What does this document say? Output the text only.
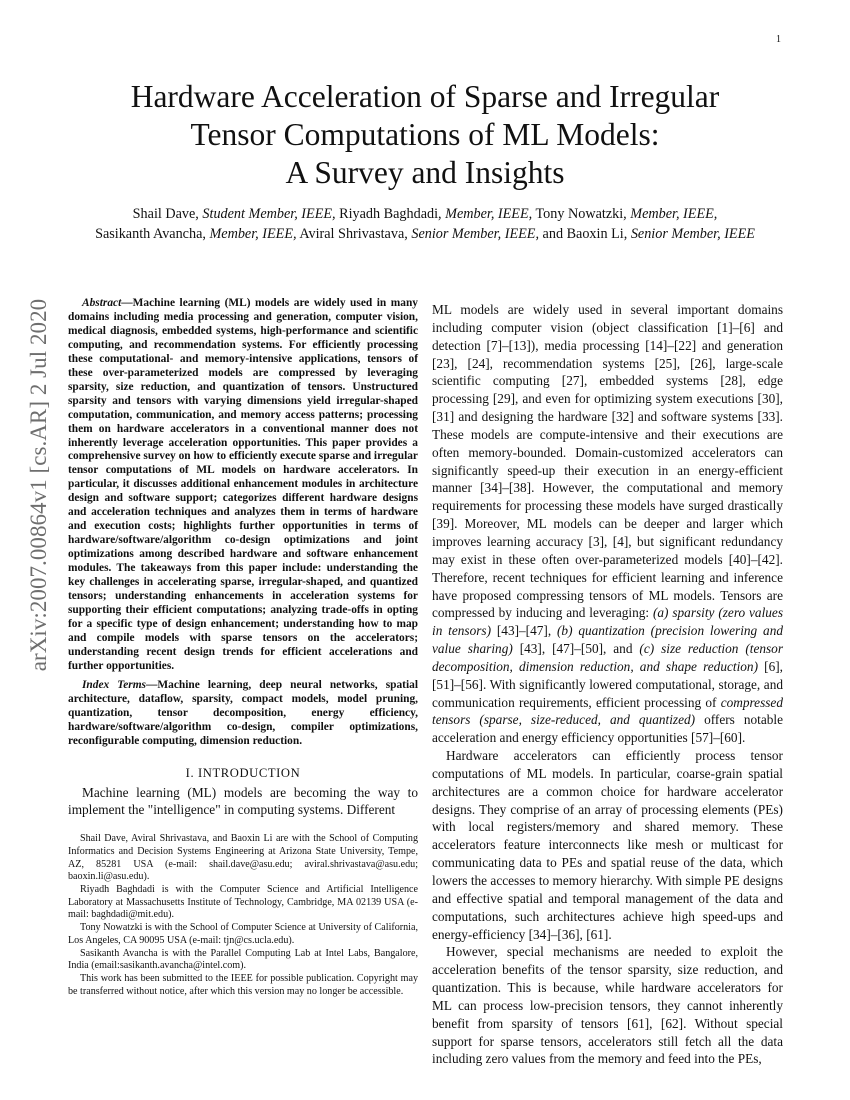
1
arXiv:2007.00864v1 [cs.AR] 2 Jul 2020
Hardware Acceleration of Sparse and Irregular
Tensor Computations of ML Models:
A Survey and Insights

Shail Dave, Student Member, IEEE, Riyadh Baghdadi, Member, IEEE, Tony Nowatzki, Member, IEEE,
Sasikanth Avancha, Member, IEEE, Aviral Shrivastava, Senior Member, IEEE, and Baoxin Li, Senior Member, IEEE

Abstract—Machine learning (ML) models are widely used in many domains including media processing and generation, computer vision, medical diagnosis, embedded systems, high-performance and scientific computing, and recommendation systems. For efficiently processing these computational- and memory-intensive applications, tensors of these over-parameterized models are compressed by leveraging sparsity, size reduction, and quantization of tensors. Unstructured sparsity and tensors with varying dimensions yield irregular-shaped computation, communication, and memory access patterns; processing them on hardware accelerators in a conventional manner does not inherently leverage acceleration opportunities. This paper provides a comprehensive survey on how to efficiently execute sparse and irregular tensor computations of ML models on hardware accelerators. In particular, it discusses additional enhancement modules in architecture design and software support; categorizes different hardware designs and acceleration techniques and analyzes them in terms of hardware and execution costs; highlights further opportunities in terms of hardware/software/algorithm co-design optimizations and joint optimizations among described hardware and software enhancement modules. The takeaways from this paper include: understanding the key challenges in accelerating sparse, irregular-shaped, and quantized tensors; understanding enhancements in acceleration systems for supporting their efficient computations; analyzing trade-offs in opting for a specific type of design enhancement; understanding how to map and compile models with sparse tensors on the accelerators; understanding recent design trends for efficient accelerations and further opportunities.

Index Terms—Machine learning, deep neural networks, spatial architecture, dataflow, sparsity, compact models, model pruning, quantization, tensor decomposition, energy efficiency, hardware/software/algorithm co-design, compiler optimizations, reconfigurable computing, dimension reduction.

I. INTRODUCTION

Machine learning (ML) models are becoming the way to implement the "intelligence" in computing systems. Different

Shail Dave, Aviral Shrivastava, and Baoxin Li are with the School of Computing Informatics and Decision Systems Engineering at Arizona State University, Tempe, AZ, 85281 USA (e-mail: shail.dave@asu.edu; aviral.shrivastava@asu.edu; baoxin.li@asu.edu).

Riyadh Baghdadi is with the Computer Science and Artificial Intelligence Laboratory at Massachusetts Institute of Technology, Cambridge, MA 02139 USA (e-mail: baghdadi@mit.edu).

Tony Nowatzki is with the School of Computer Science at University of California, Los Angeles, CA 90095 USA (e-mail: tjn@cs.ucla.edu).

Sasikanth Avancha is with the Parallel Computing Lab at Intel Labs, Bangalore, India (email:sasikanth.avancha@intel.com).

This work has been submitted to the IEEE for possible publication. Copyright may be transferred without notice, after which this version may no longer be accessible.

ML models are widely used in several important domains including computer vision (object classification [1]–[6] and detection [7]–[13]), media processing [14]–[22] and generation [23], [24], recommendation systems [25], [26], large-scale scientific computing [27], embedded systems [28], edge processing [29], and even for optimizing system executions [30], [31] and designing the hardware [32] and software systems [33]. These models are compute-intensive and their executions are often memory-bounded. Domain-customized accelerators can significantly speed-up their execution in an energy-efficient manner [34]–[38]. However, the computational and memory requirements for processing these models have surged drastically [39]. Moreover, ML models can be deeper and larger which improves learning accuracy [3], [4], but significant redundancy may exist in these often over-parameterized models [40]–[42]. Therefore, recent techniques for efficient learning and inference have proposed compressing tensors of ML models. Tensors are compressed by inducing and leveraging: (a) sparsity (zero values in tensors) [43]–[47], (b) quantization (precision lowering and value sharing) [43], [47]–[50], and (c) size reduction (tensor decomposition, dimension reduction, and shape reduction) [6], [51]–[56]. With significantly lowered computational, storage, and communication requirements, efficient processing of compressed tensors (sparse, size-reduced, and quantized) offers notable acceleration and energy efficiency opportunities [57]–[60].

Hardware accelerators can efficiently process tensor computations of ML models. In particular, coarse-grain spatial architectures are a common choice for hardware accelerator designs. They comprise of an array of processing elements (PEs) with local registers/memory and shared memory. These accelerators feature interconnects like mesh or multicast for communicating data to PEs and spatial reuse of the data, which lowers the accesses to memory hierarchy. With simple PE designs and effective spatial and temporal management of the data and computations, such architectures achieve high speed-ups and energy-efficiency [34]–[36], [61].

However, special mechanisms are needed to exploit the acceleration benefits of the tensor sparsity, size reduction, and quantization. This is because, while hardware accelerators for ML can process low-precision tensors, they cannot inherently benefit from sparsity of tensors [61], [62]. Without special support for sparse tensors, accelerators still fetch all the data including zero values from the memory and feed into the PEs,
